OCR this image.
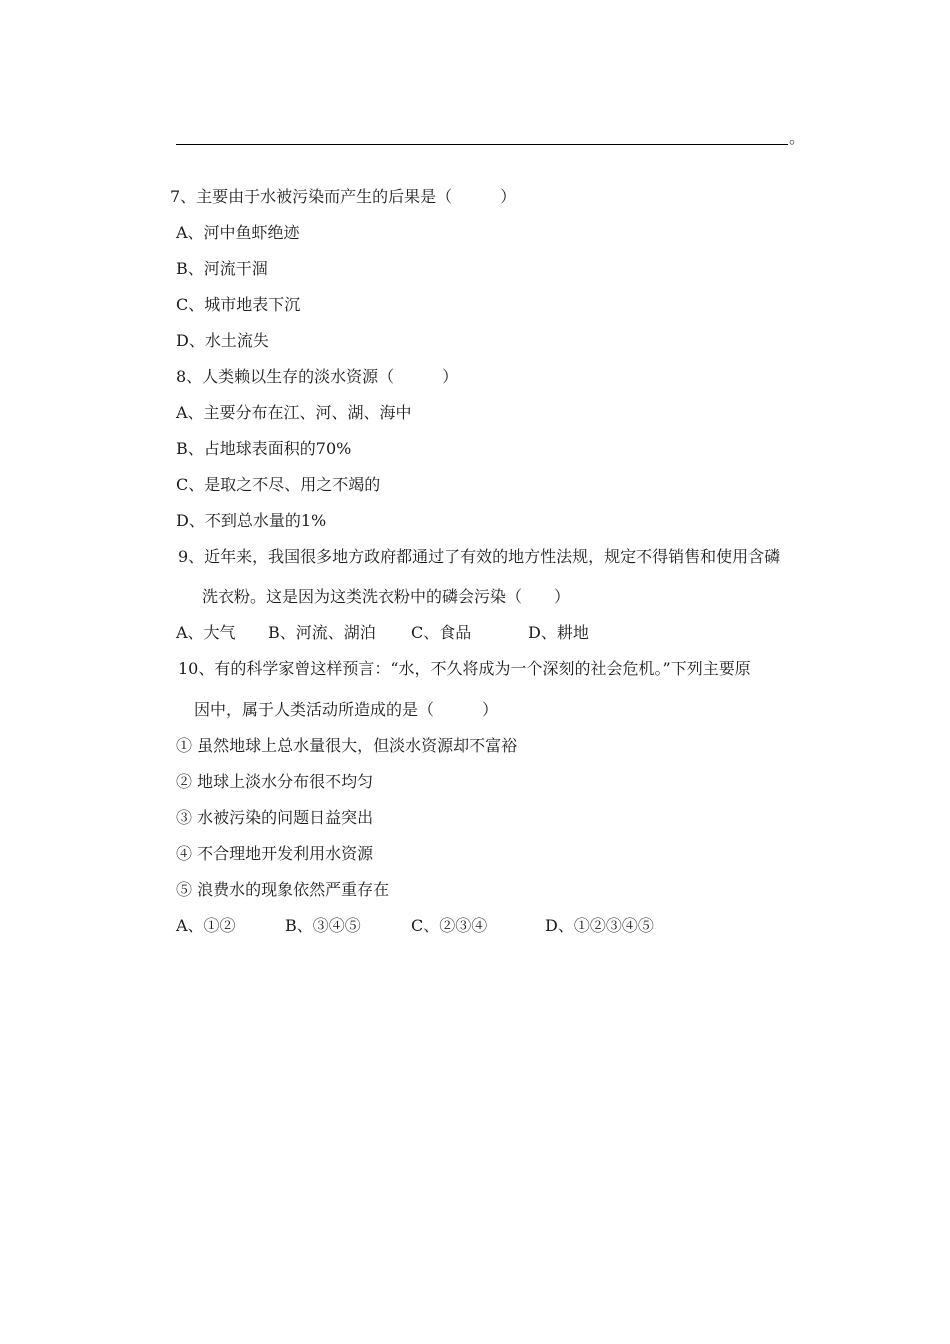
。
7、主要由于水被污染而产生的后果是（　　　）
A、河中鱼虾绝迹
B、河流干涸
C、城市地表下沉
D、水土流失
8、人类赖以生存的淡水资源（　　　）
A、主要分布在江、河、湖、海中
B、占地球表面积的70%
C、是取之不尽、用之不竭的
D、不到总水量的1%
9、近年来，我国很多地方政府都通过了有效的地方性法规，规定不得销售和使用含磷
洗衣粉。这是因为这类洗衣粉中的磷会污染（　　）
A、大气 B、河流、湖泊 C、食品	D、耕地
10、有的科学家曾这样预言：“水，不久将成为一个深刻的社会危机。”下列主要原
因中，属于人类活动所造成的是（　　　）
① 虽然地球上总水量很大，但淡水资源却不富裕
② 地球上淡水分布很不均匀
③ 水被污染的问题日益突出
④ 不合理地开发利用水资源
⑤ 浪费水的现象依然严重存在
A、①②	B、③④⑤	C、②③④	D、①②③④⑤
